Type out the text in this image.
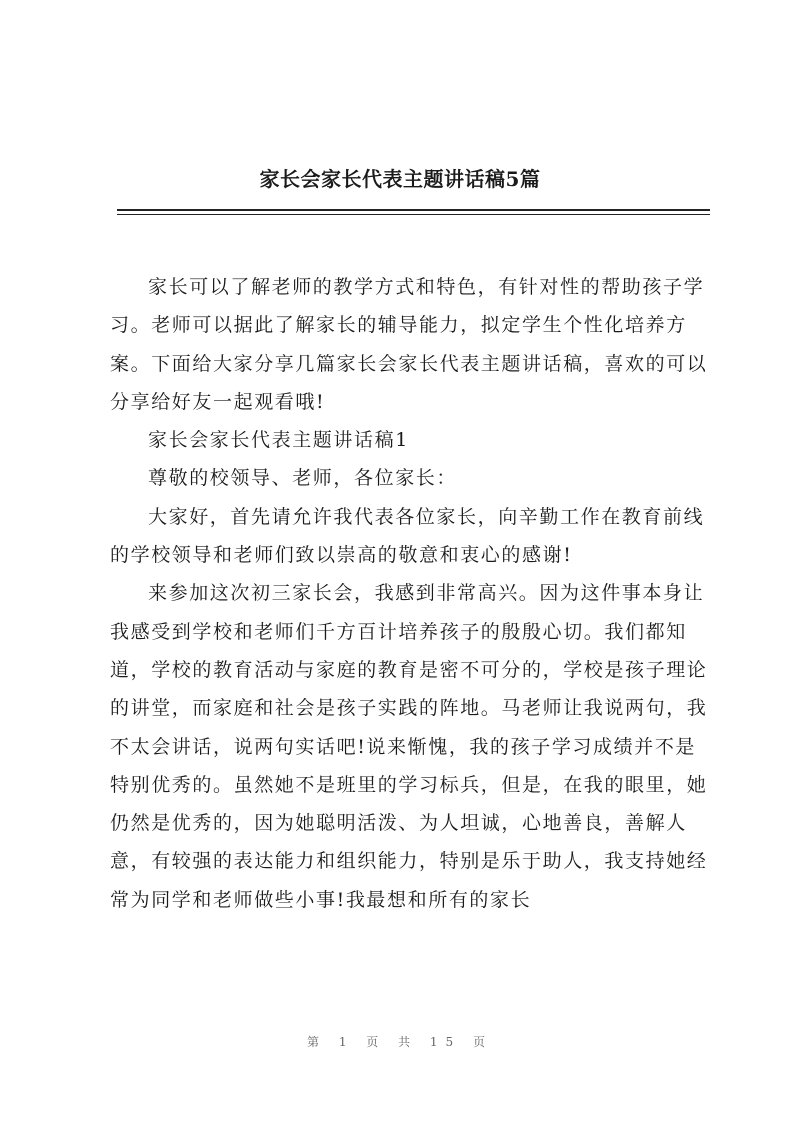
家长会家长代表主题讲话稿5篇

家长可以了解老师的教学方式和特色，有针对性的帮助孩子学习。老师可以据此了解家长的辅导能力，拟定学生个性化培养方案。下面给大家分享几篇家长会家长代表主题讲话稿，喜欢的可以分享给好友一起观看哦!

家长会家长代表主题讲话稿1

尊敬的校领导、老师，各位家长：

大家好，首先请允许我代表各位家长，向辛勤工作在教育前线的学校领导和老师们致以崇高的敬意和衷心的感谢!

来参加这次初三家长会，我感到非常高兴。因为这件事本身让我感受到学校和老师们千方百计培养孩子的殷殷心切。我们都知道，学校的教育活动与家庭的教育是密不可分的，学校是孩子理论的讲堂，而家庭和社会是孩子实践的阵地。马老师让我说两句，我不太会讲话，说两句实话吧!说来惭愧，我的孩子学习成绩并不是特别优秀的。虽然她不是班里的学习标兵，但是，在我的眼里，她仍然是优秀的，因为她聪明活泼、为人坦诚，心地善良，善解人意，有较强的表达能力和组织能力，特别是乐于助人，我支持她经常为同学和老师做些小事!我最想和所有的家长

第 1 页 共 15 页
